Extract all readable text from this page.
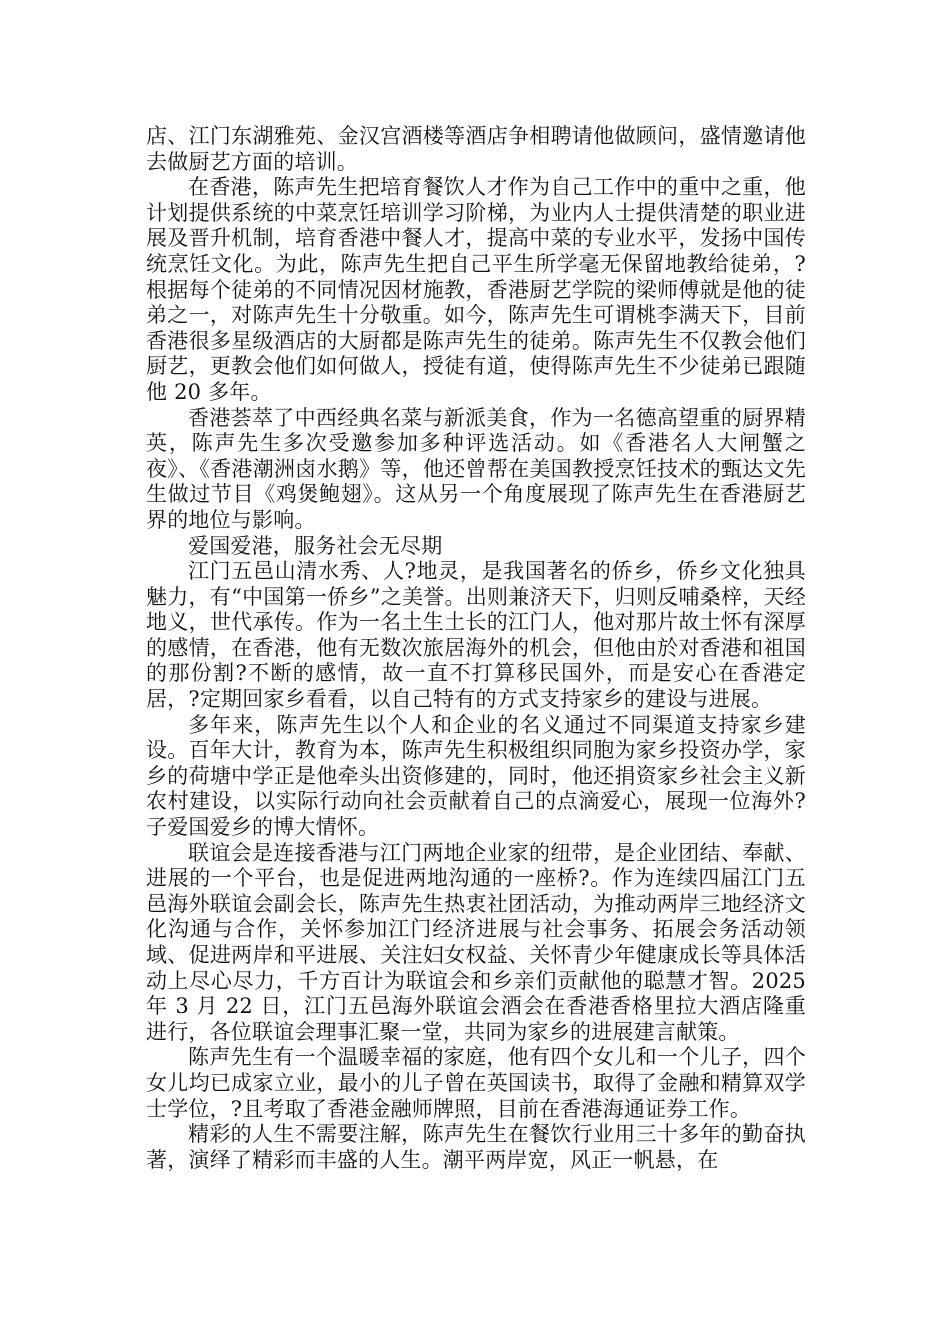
店、江门东湖雅苑、金汉宫酒楼等酒店争相聘请他做顾问，盛情邀请他去做厨艺方面的培训。

在香港，陈声先生把培育餐饮人才作为自己工作中的重中之重，他计划提供系统的中菜烹饪培训学习阶梯，为业内人士提供清楚的职业进展及晋升机制，培育香港中餐人才，提高中菜的专业水平，发扬中国传统烹饪文化。为此，陈声先生把自己平生所学毫无保留地教给徒弟，?根据每个徒弟的不同情况因材施教，香港厨艺学院的梁师傅就是他的徒弟之一，对陈声先生十分敬重。如今，陈声先生可谓桃李满天下，目前香港很多星级酒店的大厨都是陈声先生的徒弟。陈声先生不仅教会他们厨艺，更教会他们如何做人，授徒有道，使得陈声先生不少徒弟已跟随他 20 多年。

香港荟萃了中西经典名菜与新派美食，作为一名德高望重的厨界精英，陈声先生多次受邀参加多种评选活动。如《香港名人大闸蟹之夜》、《香港潮洲卤水鹅》等，他还曾帮在美国教授烹饪技术的甄达文先生做过节目《鸡煲鲍翅》。这从另一个角度展现了陈声先生在香港厨艺界的地位与影响。

爱国爱港，服务社会无尽期

江门五邑山清水秀、人?地灵，是我国著名的侨乡，侨乡文化独具魅力，有“中国第一侨乡”之美誉。出则兼济天下，归则反哺桑梓，天经地义，世代承传。作为一名土生土长的江门人，他对那片故土怀有深厚的感情，在香港，他有无数次旅居海外的机会，但他由於对香港和祖国的那份割?不断的感情，故一直不打算移民国外，而是安心在香港定居，?定期回家乡看看，以自己特有的方式支持家乡的建设与进展。

多年来，陈声先生以个人和企业的名义通过不同渠道支持家乡建设。百年大计，教育为本，陈声先生积极组织同胞为家乡投资办学，家乡的荷塘中学正是他牵头出资修建的，同时，他还捐资家乡社会主义新农村建设，以实际行动向社会贡献着自己的点滴爱心，展现一位海外?子爱国爱乡的博大情怀。

联谊会是连接香港与江门两地企业家的纽带，是企业团结、奉献、进展的一个平台，也是促进两地沟通的一座桥?。作为连续四届江门五邑海外联谊会副会长，陈声先生热衷社团活动，为推动两岸三地经济文化沟通与合作，关怀参加江门经济进展与社会事务、拓展会务活动领域、促进两岸和平进展、关注妇女权益、关怀青少年健康成长等具体活动上尽心尽力，千方百计为联谊会和乡亲们贡献他的聪慧才智。2025 年 3 月 22 日，江门五邑海外联谊会酒会在香港香格里拉大酒店隆重进行，各位联谊会理事汇聚一堂，共同为家乡的进展建言献策。

陈声先生有一个温暖幸福的家庭，他有四个女儿和一个儿子，四个女儿均已成家立业，最小的儿子曾在英国读书，取得了金融和精算双学士学位，?且考取了香港金融师牌照，目前在香港海通证券工作。

精彩的人生不需要注解，陈声先生在餐饮行业用三十多年的勤奋执著，演绎了精彩而丰盛的人生。潮平两岸宽，风正一帆悬，在
